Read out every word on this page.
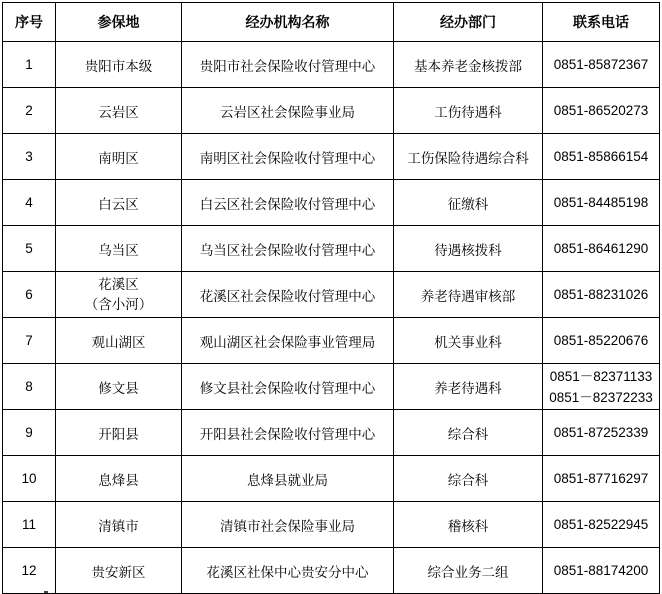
序号	参保地	经办机构名称	经办部门	联系电话
1	贵阳市本级	贵阳市社会保险收付管理中心	基本养老金核拨部	0851-85872367
2	云岩区	云岩区社会保险事业局	工伤待遇科	0851-86520273
3	南明区	南明区社会保险收付管理中心	工伤保险待遇综合科	0851-85866154
4	白云区	白云区社会保险收付管理中心	征缴科	0851-84485198
5	乌当区	乌当区社会保险收付管理中心	待遇核拨科	0851-86461290
6	花溪区
（含小河）	花溪区社会保险收付管理中心	养老待遇审核部	0851-88231026
7	观山湖区	观山湖区社会保险事业管理局	机关事业科	0851-85220676
8	修文县	修文县社会保险收付管理中心	养老待遇科	0851－82371133
0851－82372233

9	开阳县	开阳县社会保险收付管理中心	综合科	0851-87252339
10	息烽县	息烽县就业局	综合科	0851-87716297
11	清镇市	清镇市社会保险事业局	稽核科	0851-82522945
12	贵安新区	花溪区社保中心贵安分中心	综合业务二组	0851-88174200
